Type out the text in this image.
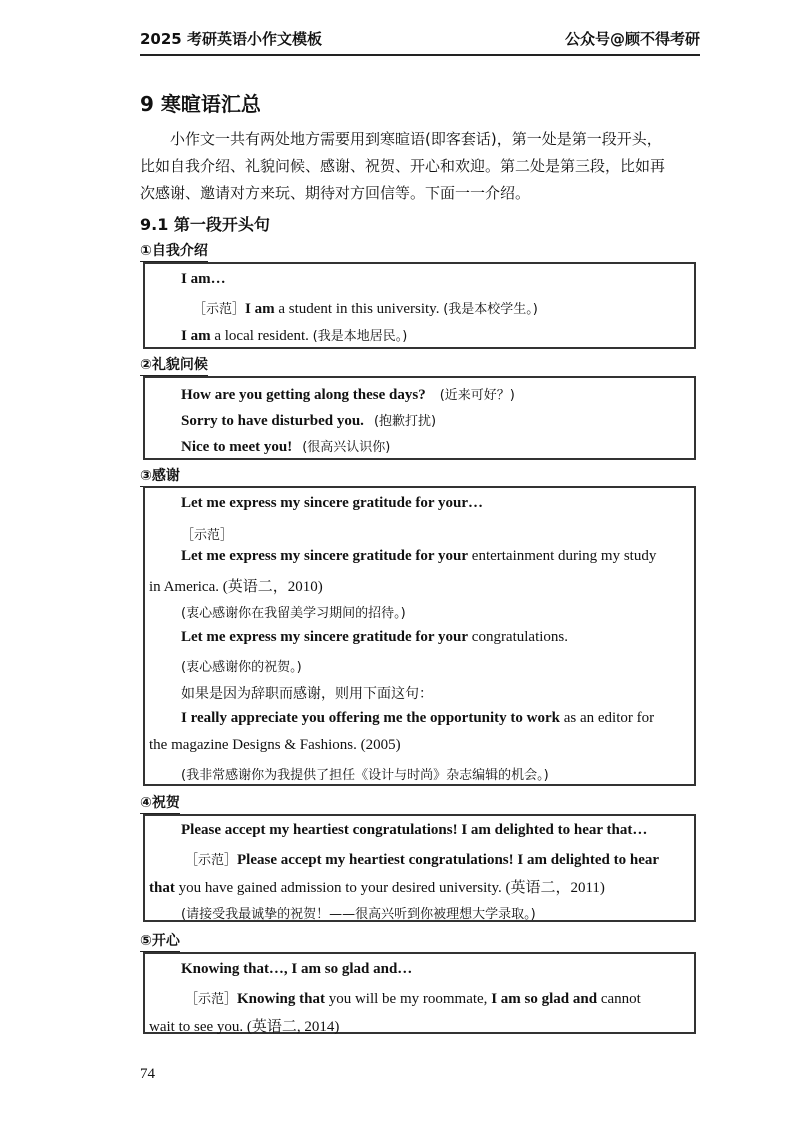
2025 考研英语小作文模板	公众号@顾不得考研
9 寒暄语汇总

小作文一共有两处地方需要用到寒暄语(即客套话)，第一处是第一段开头，

比如自我介绍、礼貌问候、感谢、祝贺、开心和欢迎。第二处是第三段，比如再

次感谢、邀请对方来玩、期待对方回信等。下面一一介绍。

9.1 第一段开头句
①自我介绍
I am…
［示范］I am a student in this university. (我是本校学生。)
I am a local resident. (我是本地居民。)
②礼貌问候
How are you getting along these days? (近来可好？)
Sorry to have disturbed you. (抱歉打扰)
Nice to meet you! (很高兴认识你)
③感谢
Let me express my sincere gratitude for your…
［示范］
Let me express my sincere gratitude for your entertainment during my study
in America. (英语二，2010)
(衷心感谢你在我留美学习期间的招待。)
Let me express my sincere gratitude for your congratulations.
(衷心感谢你的祝贺。)
如果是因为辞职而感谢，则用下面这句：
I really appreciate you offering me the opportunity to work as an editor for
the magazine Designs & Fashions. (2005)
(我非常感谢你为我提供了担任《设计与时尚》杂志编辑的机会。)
④祝贺
Please accept my heartiest congratulations! I am delighted to hear that…
［示范］Please accept my heartiest congratulations! I am delighted to hear
that you have gained admission to your desired university. (英语二，2011)
(请接受我最诚挚的祝贺！——很高兴听到你被理想大学录取。)
⑤开心
Knowing that…, I am so glad and…
［示范］Knowing that you will be my roommate, I am so glad and cannot
wait to see you. (英语二, 2014)
74
